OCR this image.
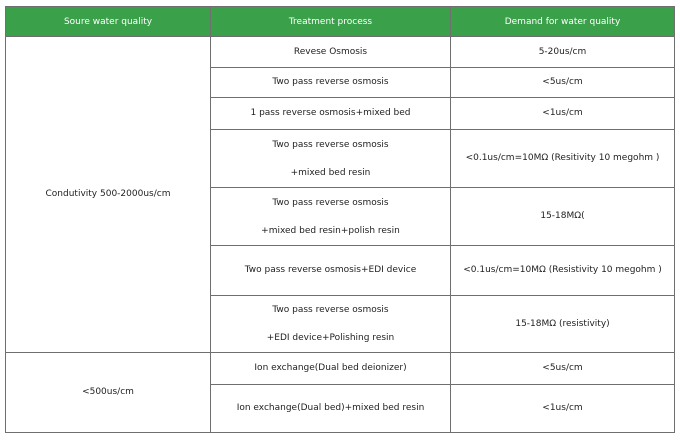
Soure water quality	Treatment process	Demand for water quality
Condutivity 500-2000us/cm	Revese Osmosis	5-20us/cm
	Two pass reverse osmosis	<5us/cm
	1 pass reverse osmosis+mixed bed	<1us/cm

	Two pass reverse osmosis
+mixed bed resin	<0.1us/cm=10MΩ (Resitivity 10 megohm )

	Two pass reverse osmosis
+mixed bed resin+polish resin	15-18MΩ(
	Two pass reverse osmosis+EDI device	<0.1us/cm=10MΩ (Resistivity 10 megohm )

	Two pass reverse osmosis
+EDI device+Polishing resin	15-18MΩ (resistivity)
<500us/cm	Ion exchange(Dual bed deionizer)	<5us/cm
	Ion exchange(Dual bed)+mixed bed resin	<1us/cm
